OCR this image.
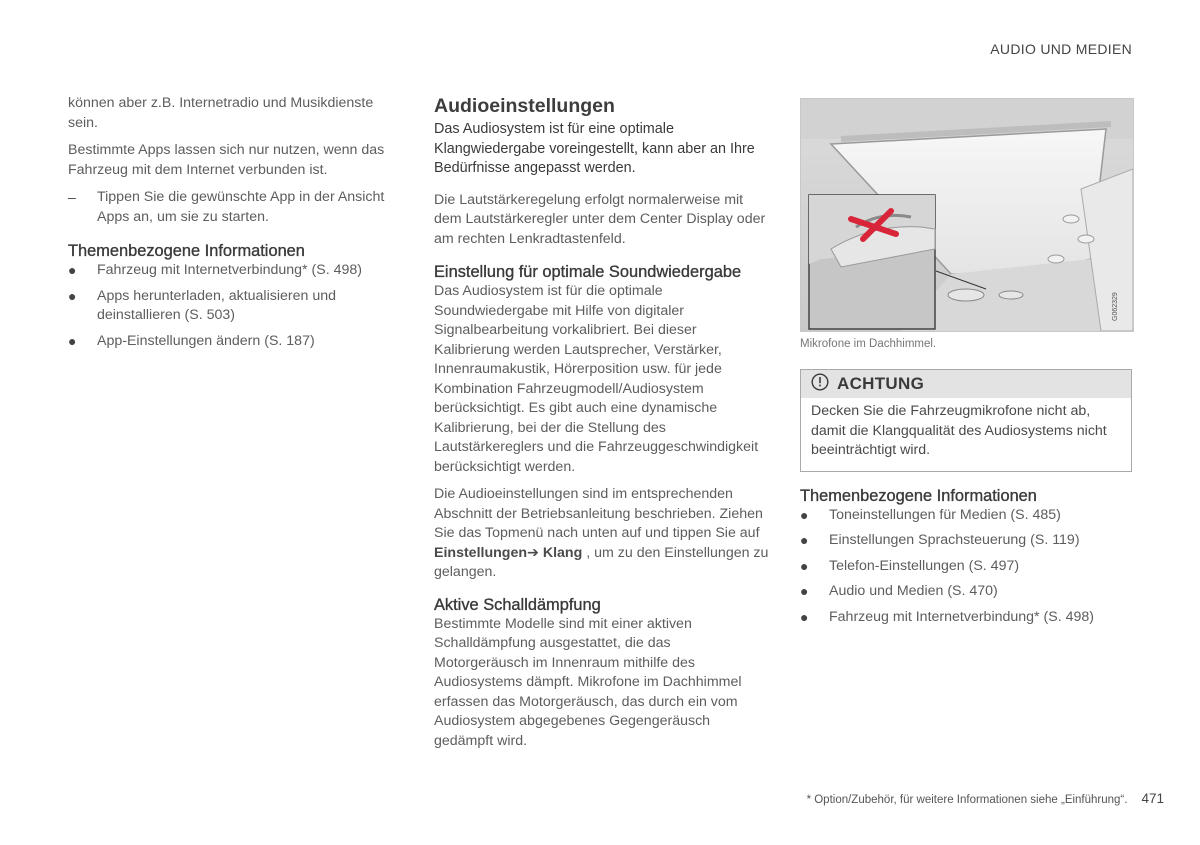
AUDIO UND MEDIEN

können aber z.B. Internetradio und Musikdienste sein.

Bestimmte Apps lassen sich nur nutzen, wenn das Fahrzeug mit dem Internet verbunden ist.

– Tippen Sie die gewünschte App in der Ansicht Apps an, um sie zu starten.
Themenbezogene Informationen
● Fahrzeug mit Internetverbindung* (S. 498)
● Apps herunterladen, aktualisieren und deinstallieren (S. 503)
● App-Einstellungen ändern (S. 187)
Audioeinstellungen

Das Audiosystem ist für eine optimale Klangwiedergabe voreingestellt, kann aber an Ihre Bedürfnisse angepasst werden.

Die Lautstärkeregelung erfolgt normalerweise mit dem Lautstärkeregler unter dem Center Display oder am rechten Lenkradtastenfeld.

Einstellung für optimale Soundwiedergabe

Das Audiosystem ist für die optimale Soundwiedergabe mit Hilfe von digitaler Signalbearbeitung vorkalibriert. Bei dieser Kalibrierung werden Lautsprecher, Verstärker, Innenraumakustik, Hörerposition usw. für jede Kombination Fahrzeugmodell/Audiosystem berücksichtigt. Es gibt auch eine dynamische Kalibrierung, bei der die Stellung des Lautstärkereglers und die Fahrzeuggeschwindigkeit berücksichtigt werden.

Die Audioeinstellungen sind im entsprechenden Abschnitt der Betriebsanleitung beschrieben. Ziehen Sie das Topmenü nach unten auf und tippen Sie auf Einstellungen➔ Klang , um zu den Einstellungen zu gelangen.

Aktive Schalldämpfung

Bestimmte Modelle sind mit einer aktiven Schalldämpfung ausgestattet, die das Motorgeräusch im Innenraum mithilfe des Audiosystems dämpft. Mikrofone im Dachhimmel erfassen das Motorgeräusch, das durch ein vom Audiosystem abgegebenes Gegengeräusch gedämpft wird.

G062329
Mikrofone im Dachhimmel.
ACHTUNG

Decken Sie die Fahrzeugmikrofone nicht ab, damit die Klangqualität des Audiosystems nicht beeinträchtigt wird.

Themenbezogene Informationen
● Toneinstellungen für Medien (S. 485)
● Einstellungen Sprachsteuerung (S. 119)
● Telefon-Einstellungen (S. 497)
● Audio und Medien (S. 470)
● Fahrzeug mit Internetverbindung* (S. 498)
* Option/Zubehör, für weitere Informationen siehe „Einführung“. 471
